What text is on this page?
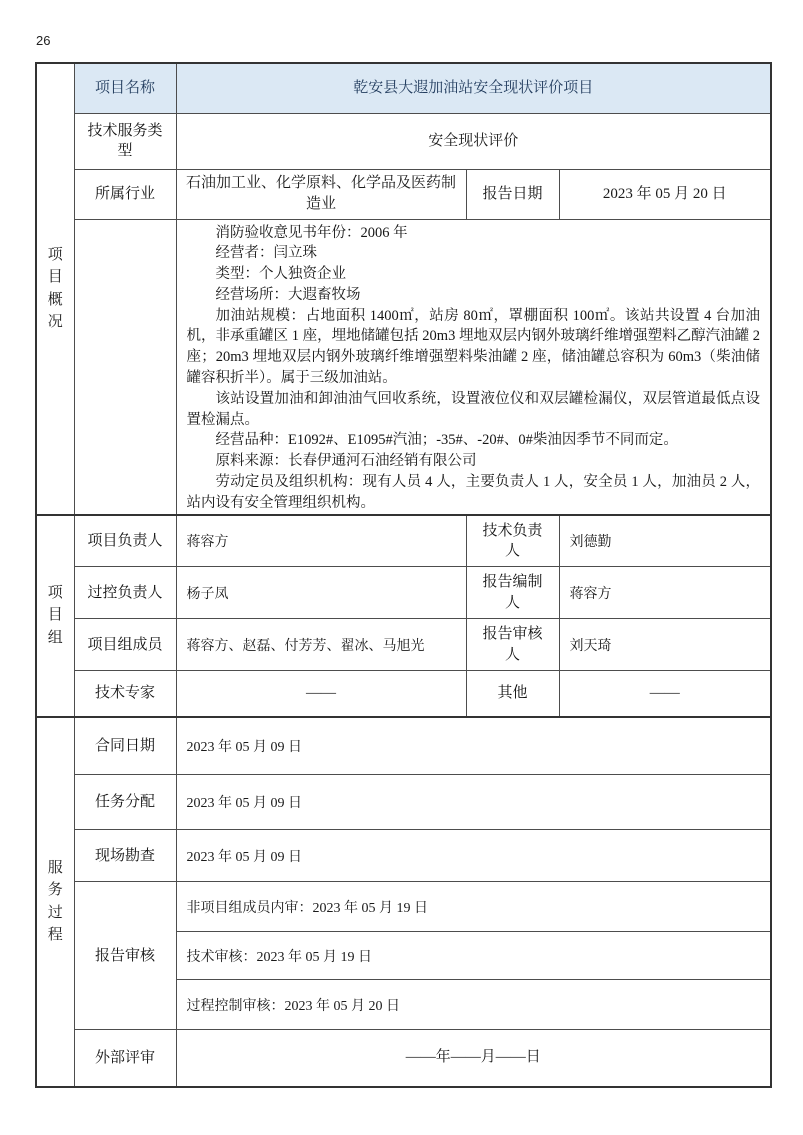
26
项目概况	项目名称	乾安县大遐加油站安全现状评价项目		
	技术服务类型	安全现状评价		
	所属行业	石油加工业、化学原料、化学品及医药制造业	报告日期	2023 年 05 月 20 日

消防验收意见书年份：2006 年

经营者：闫立珠

类型：个人独资企业

经营场所：大遐畜牧场

加油站规模：占地面积 1400㎡，站房 80㎡，罩棚面积 100㎡。该站共设置 4 台加油机，非承重罐区 1 座，埋地储罐包括 20m3 埋地双层内钢外玻璃纤维增强塑料乙醇汽油罐 2 座；20m3 埋地双层内钢外玻璃纤维增强塑料柴油罐 2 座，储油罐总容积为 60m3（柴油储罐容积折半）。属于三级加油站。

该站设置加油和卸油油气回收系统，设置液位仪和双层罐检漏仪，双层管道最低点设置检漏点。

经营品种：E1092#、E1095#汽油；-35#、-20#、0#柴油因季节不同而定。

原料来源：长春伊通河石油经销有限公司

劳动定员及组织机构：现有人员 4 人，主要负责人 1 人，安全员 1 人，加油员 2 人，站内设有安全管理组织机构。

项目组	项目负责人	蒋容方	技术负责人	刘德勤
	过控负责人	杨子凤	报告编制人	蒋容方
	项目组成员	蒋容方、赵磊、付芳芳、翟冰、马旭光	报告审核人	刘天琦
	技术专家	——	其他	——

服务过程	合同日期	2023 年 05 月 09 日		
	任务分配	2023 年 05 月 09 日		
	现场勘查	2023 年 05 月 09 日		
	报告审核	非项目组成员内审：2023 年 05 月 19 日		
		技术审核：2023 年 05 月 19 日		
		过程控制审核：2023 年 05 月 20 日		
	外部评审	——年——月——日		
